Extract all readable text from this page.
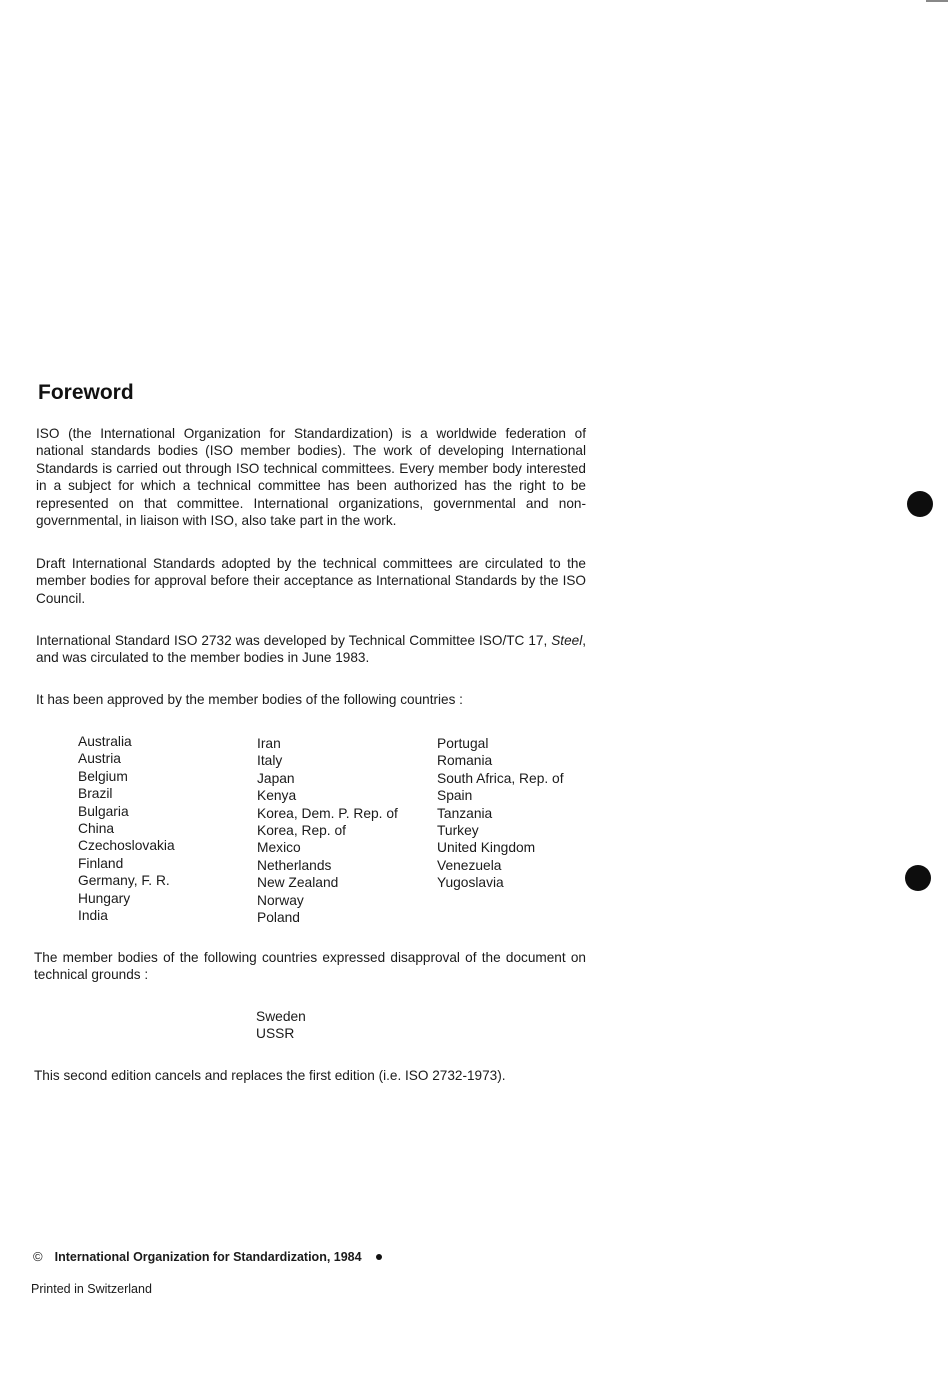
Foreword

ISO (the International Organization for Standardization) is a worldwide federation of national standards bodies (ISO member bodies). The work of developing International Standards is carried out through ISO technical committees. Every member body interested in a subject for which a technical committee has been authorized has the right to be represented on that committee. International organizations, governmental and non-governmental, in liaison with ISO, also take part in the work.

Draft International Standards adopted by the technical committees are circulated to the member bodies for approval before their acceptance as International Standards by the ISO Council.

International Standard ISO 2732 was developed by Technical Committee ISO/TC 17, Steel, and was circulated to the member bodies in June 1983.

It has been approved by the member bodies of the following countries :

Australia
Austria
Belgium
Brazil
Bulgaria
China
Czechoslovakia
Finland
Germany, F. R.
Hungary
India
Iran
Italy
Japan
Kenya
Korea, Dem. P. Rep. of
Korea, Rep. of
Mexico
Netherlands
New Zealand
Norway
Poland
Portugal
Romania
South Africa, Rep. of
Spain
Tanzania
Turkey
United Kingdom
Venezuela
Yugoslavia

The member bodies of the following countries expressed disapproval of the document on technical grounds :

Sweden
USSR

This second edition cancels and replaces the first edition (i.e. ISO 2732-1973).

© International Organization for Standardization, 1984
Printed in Switzerland
